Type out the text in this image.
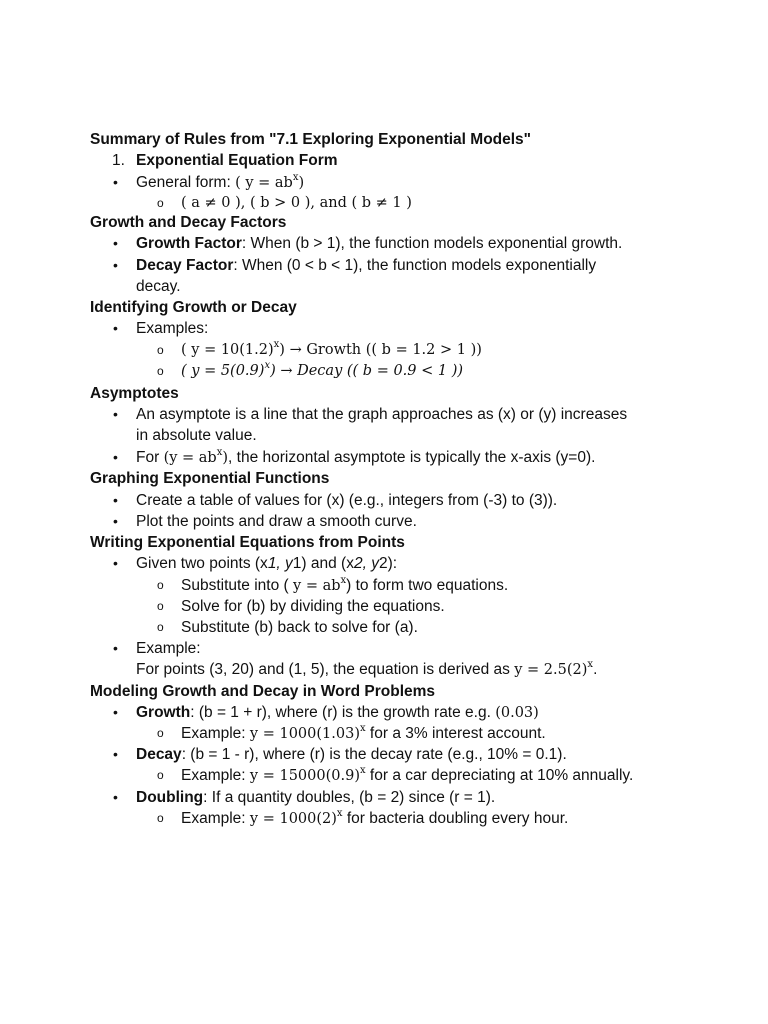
Summary of Rules from "7.1 Exploring Exponential Models"
1. Exponential Equation Form
• General form: ( $y = ab^x$)
o ( a ≠ 0 ), ( b > 0 ), and ( b ≠ 1 )
Growth and Decay Factors
• Growth Factor: When (b > 1), the function models exponential growth.
• Decay Factor: When (0 < b < 1), the function models exponentially
decay.
Identifying Growth or Decay
• Examples:
o ( $y = 10(1.2)^x$) → Growth (( b = 1.2 > 1 ))
o ( $y = 5(0.9)^x$) → Decay (( b = 0.9 < 1 ))
Asymptotes
• An asymptote is a line that the graph approaches as (x) or (y) increases
in absolute value.
• For $(y = ab^x)$, the horizontal asymptote is typically the x-axis (y=0).
Graphing Exponential Functions
• Create a table of values for (x) (e.g., integers from (-3) to (3)).
• Plot the points and draw a smooth curve.
Writing Exponential Equations from Points
• Given two points (x1, y1) and (x2, y2):
o Substitute into ( $y = ab^x$) to form two equations.
o Solve for (b) by dividing the equations.
o Substitute (b) back to solve for (a).
• Example:
For points (3, 20) and (1, 5), the equation is derived as $y = 2.5(2)^x$.
Modeling Growth and Decay in Word Problems
• Growth: (b = 1 + r), where (r) is the growth rate e.g. (0.03)
o Example: $y = 1000(1.03)^x$ for a 3% interest account.
• Decay: (b = 1 - r), where (r) is the decay rate (e.g., 10% = 0.1).
o Example: $y = 15000(0.9)^x$ for a car depreciating at 10% annually.
• Doubling: If a quantity doubles, (b = 2) since (r = 1).
o Example: $y = 1000(2)^x$ for bacteria doubling every hour.
